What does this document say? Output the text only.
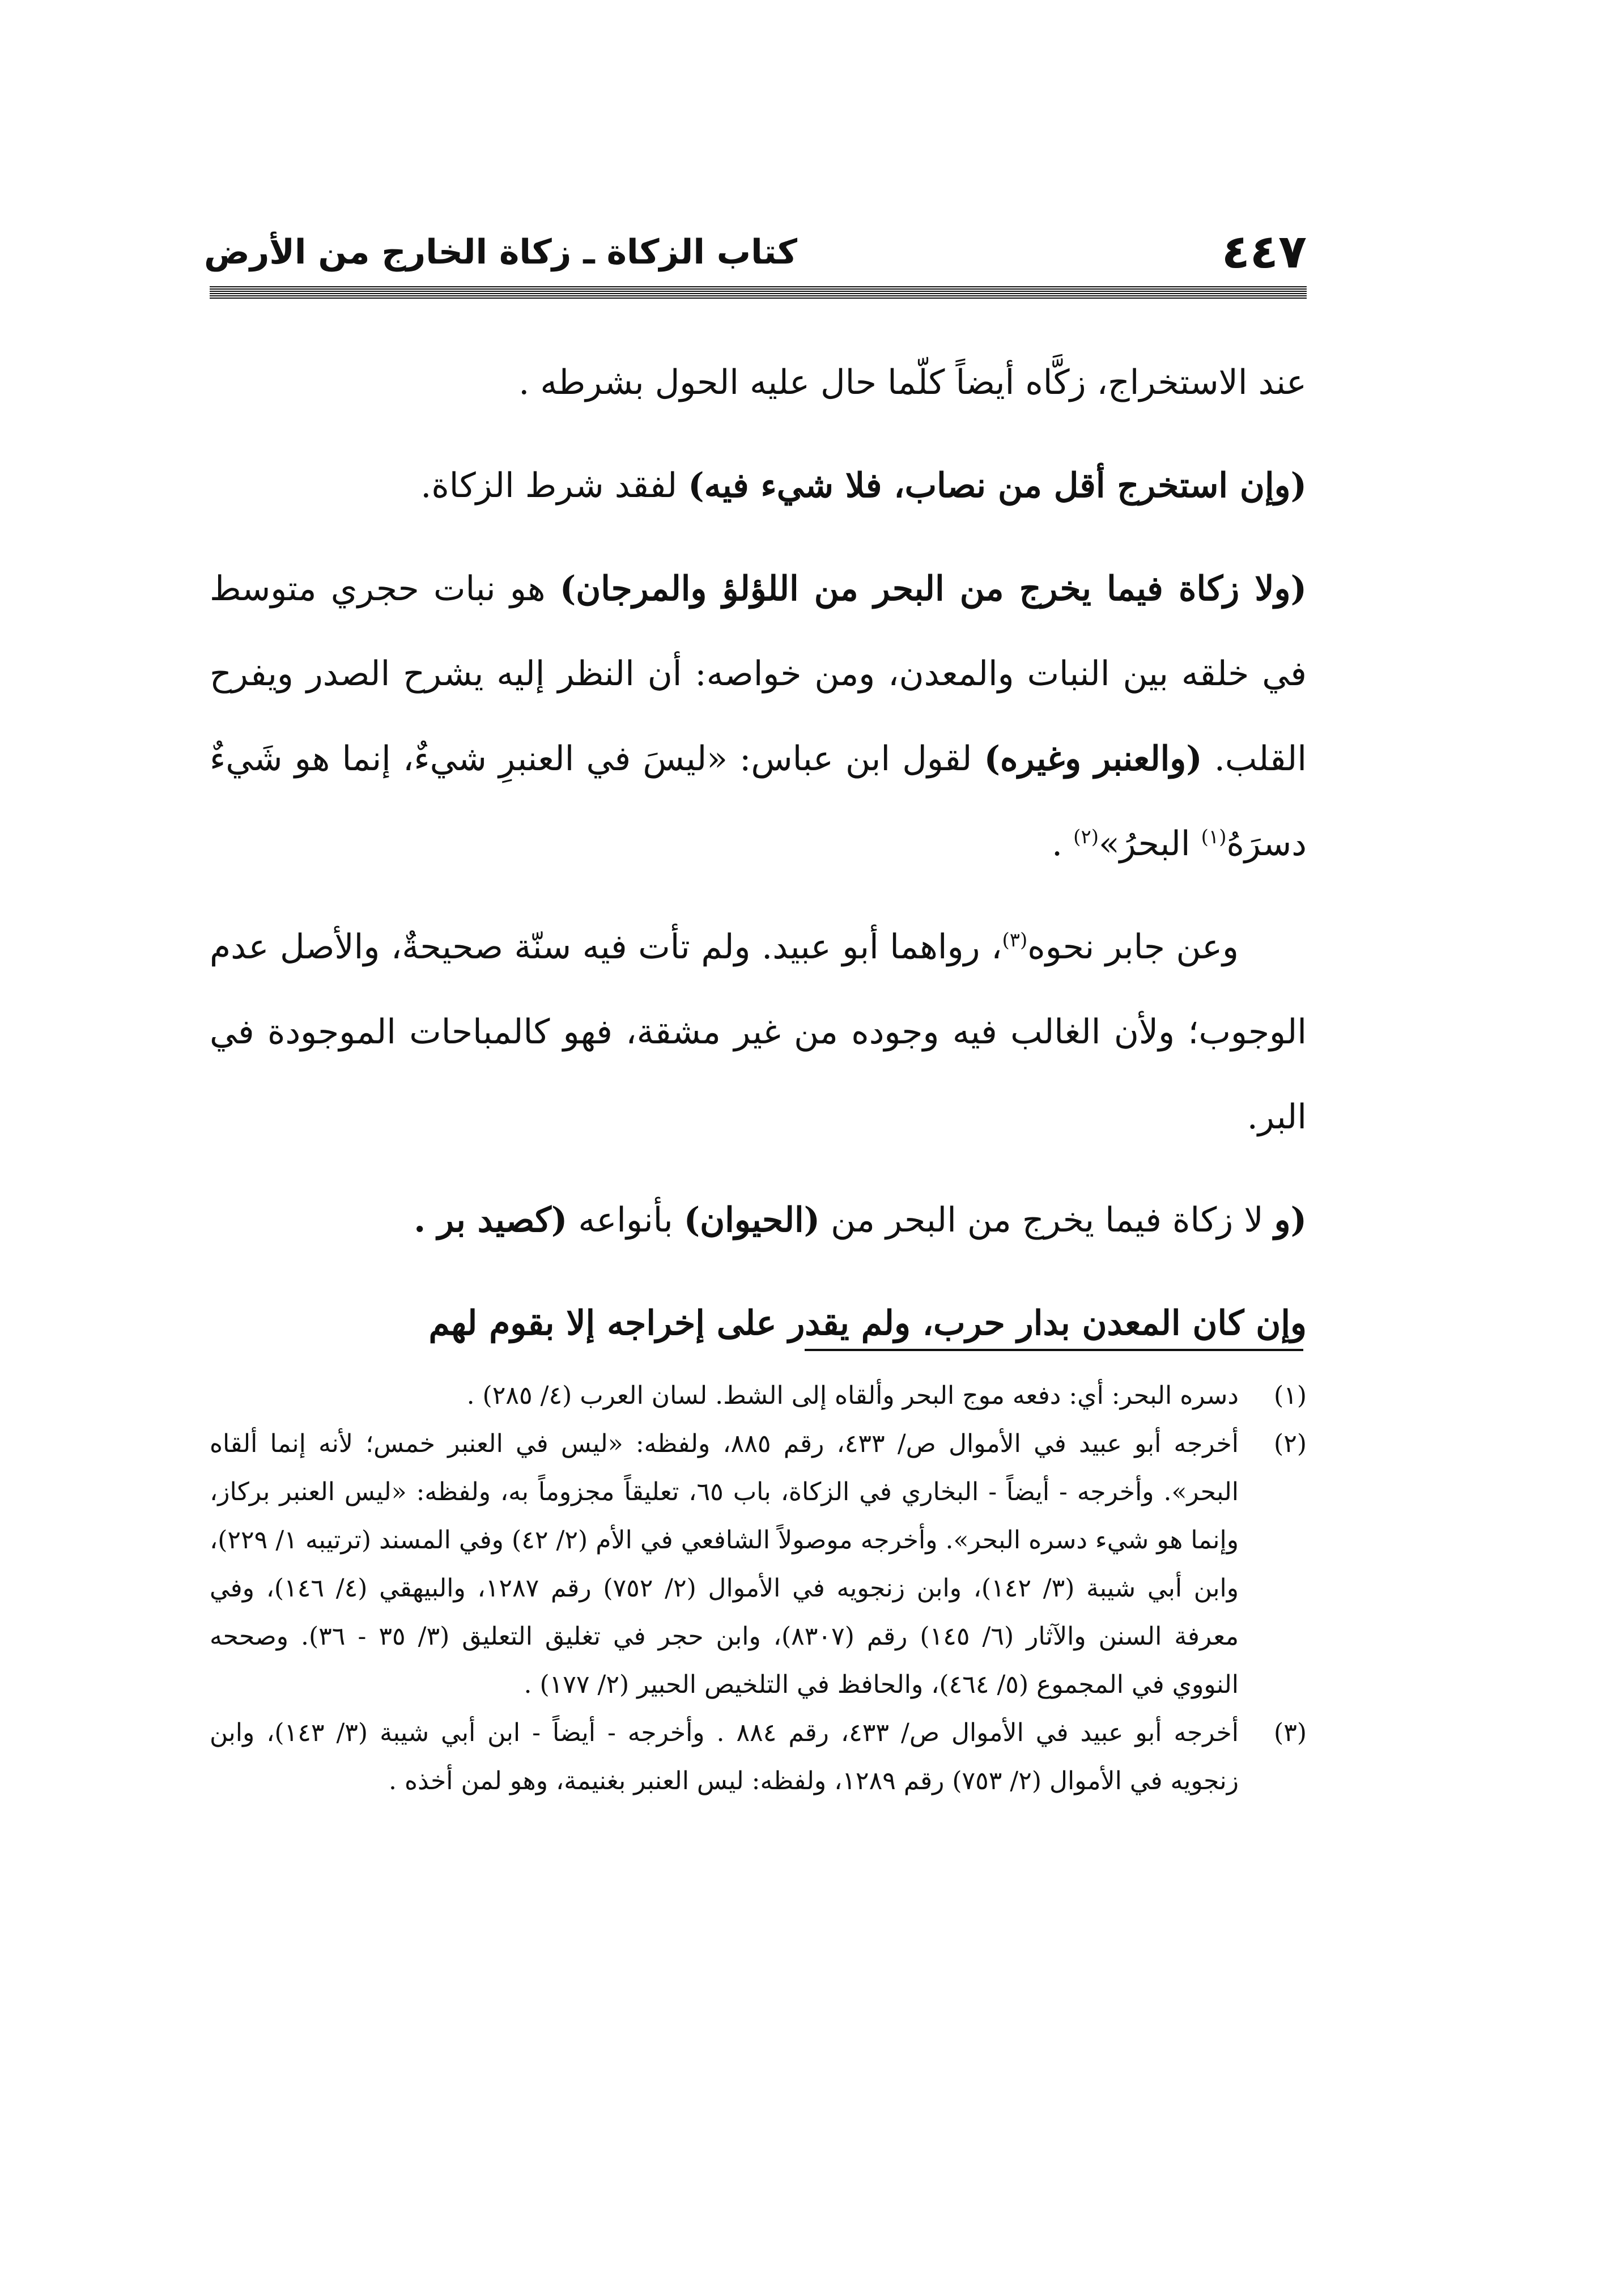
٤٤٧
كتاب الزكاة ـ زكاة الخارج من الأرض

عند الاستخراج، زكَّاه أيضاً كلّما حال عليه الحول بشرطه .

(وإن استخرج أقل من نصاب، فلا شيء فيه) لفقد شرط الزكاة.

(ولا زكاة فيما يخرج من البحر من اللؤلؤ والمرجان) هو نبات حجري متوسط في خلقه بين النبات والمعدن، ومن خواصه: أن النظر إليه يشرح الصدر ويفرح القلب. (والعنبر وغيره) لقول ابن عباس: «ليسَ في العنبرِ شيءٌ، إنما هو شَيءٌ دسرَهُ$^{(١)}$ البحرُ»$^{(٢)}$ .

وعن جابر نحوه$^{(٣)}$، رواهما أبو عبيد. ولم تأت فيه سنّة صحيحةٌ، والأصل عدم الوجوب؛ ولأن الغالب فيه وجوده من غير مشقة، فهو كالمباحات الموجودة في البر.

(و لا زكاة فيما يخرج من البحر من (الحيوان) بأنواعه (كصيد بر .

وإن كان المعدن بدار حرب، ولم يقدر على إخراجه إلا بقوم لهم

(١)
دسره البحر: أي: دفعه موج البحر وألقاه إلى الشط. لسان العرب (٤/ ٢٨٥) .
(٢)
أخرجه أبو عبيد في الأموال ص/ ٤٣٣، رقم ٨٨٥، ولفظه: «ليس في العنبر خمس؛ لأنه إنما ألقاه البحر». وأخرجه - أيضاً - البخاري في الزكاة، باب ٦٥، تعليقاً مجزوماً به، ولفظه: «ليس العنبر بركاز، وإنما هو شيء دسره البحر». وأخرجه موصولاً الشافعي في الأم (٢/ ٤٢) وفي المسند (ترتيبه ١/ ٢٢٩)، وابن أبي شيبة (٣/ ١٤٢)، وابن زنجويه في الأموال (٢/ ٧٥٢) رقم ١٢٨٧، والبيهقي (٤/ ١٤٦)، وفي معرفة السنن والآثار (٦/ ١٤٥) رقم (٨٣٠٧)، وابن حجر في تغليق التعليق (٣/ ٣٥ - ٣٦). وصححه النووي في المجموع (٥/ ٤٦٤)، والحافظ في التلخيص الحبير (٢/ ١٧٧) .
(٣)
أخرجه أبو عبيد في الأموال ص/ ٤٣٣، رقم ٨٨٤ . وأخرجه - أيضاً - ابن أبي شيبة (٣/ ١٤٣)، وابن زنجويه في الأموال (٢/ ٧٥٣) رقم ١٢٨٩، ولفظه: ليس العنبر بغنيمة، وهو لمن أخذه .
